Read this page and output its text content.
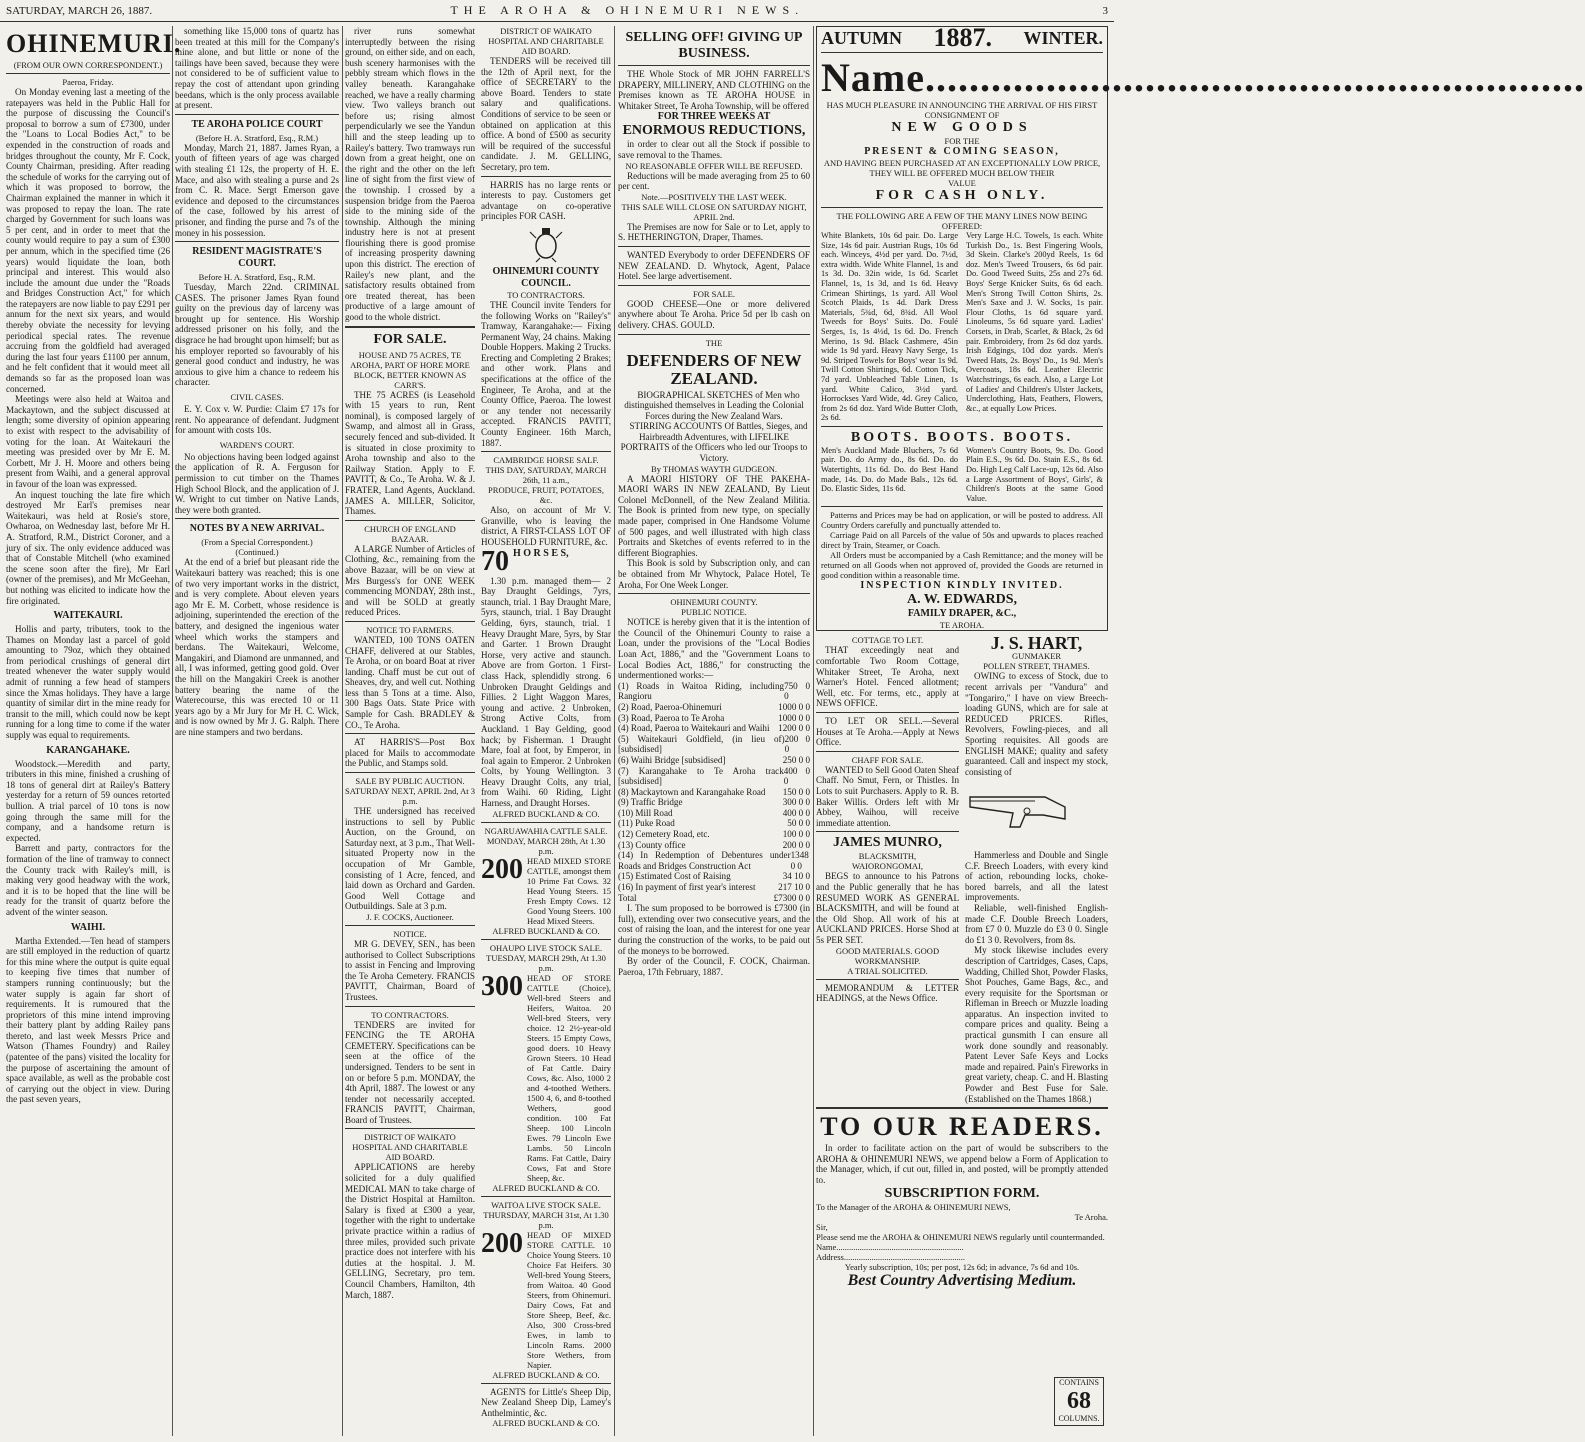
SATURDAY, MARCH 26, 1887.	THE AROHA & OHINEMURI NEWS.	3
OHINEMURI.
(FROM OUR OWN CORRESPONDENT.)
Paeroa, Friday.

On Monday evening last a meeting of the ratepayers was held in the Public Hall for the purpose of discussing the Council's proposal to borrow a sum of £7300, under the "Loans to Local Bodies Act," to be expended in the construction of roads and bridges throughout the county, Mr F. Cock, County Chairman, presiding. After reading the schedule of works for the carrying out of which it was proposed to borrow, the Chairman explained the manner in which it was proposed to repay the loan. The rate charged by Government for such loans was 5 per cent, and in order to meet that the county would require to pay a sum of £300 per annum, which in the specified time (26 years) would liquidate the loan, both principal and interest. This would also include the amount due under the "Roads and Bridges Construction Act," for which the ratepayers are now liable to pay £291 per annum for the next six years, and would thereby obviate the necessity for levying periodical special rates. The revenue accruing from the goldfield had averaged during the last four years £1100 per annum, and he felt confident that it would meet all demands so far as the proposed loan was concerned.

Meetings were also held at Waitoa and Mackaytown, and the subject discussed at length; some diversity of opinion appearing to exist with respect to the advisability of voting for the loan. At Waitekauri the meeting was presided over by Mr E. M. Corbett, Mr J. H. Moore and others being present from Waihi, and a general approval in favour of the loan was expressed.

An inquest touching the late fire which destroyed Mr Earl's premises near Waitekauri, was held at Rosie's store, Owharoa, on Wednesday last, before Mr H. A. Stratford, R.M., District Coroner, and a jury of six. The only evidence adduced was that of Constable Mitchell (who examined the scene soon after the fire), Mr Earl (owner of the premises), and Mr McGeehan, but nothing was elicited to indicate how the fire originated.

WAITEKAURI.

Hollis and party, tributers, took to the Thames on Monday last a parcel of gold amounting to 79oz, which they obtained from periodical crushings of general dirt treated whenever the water supply would admit of running a few head of stampers since the Xmas holidays. They have a large quantity of similar dirt in the mine ready for transit to the mill, which could now be kept running for a long time to come if the water supply was equal to requirements.

KARANGAHAKE.

Woodstock.—Meredith and party, tributers in this mine, finished a crushing of 18 tons of general dirt at Railey's Battery yesterday for a return of 59 ounces retorted bullion. A trial parcel of 10 tons is now going through the same mill for the company, and a handsome return is expected.

Barrett and party, contractors for the formation of the line of tramway to connect the County track with Railey's mill, is making very good headway with the work, and it is to be hoped that the line will be ready for the transit of quartz before the advent of the winter season.

WAIHI.

Martha Extended.—Ten head of stampers are still employed in the reduction of quartz for this mine where the output is quite equal to keeping five times that number of stampers running continuously; but the water supply is again far short of requirements. It is rumoured that the proprietors of this mine intend improving their battery plant by adding Railey pans thereto, and last week Messrs Price and Watson (Thames Foundry) and Railey (patentee of the pans) visited the locality for the purpose of ascertaining the amount of space available, as well as the probable cost of carrying out the object in view. During the past seven years,

something like 15,000 tons of quartz has been treated at this mill for the Company's mine alone, and but little or none of the tailings have been saved, because they were not considered to be of sufficient value to repay the cost of attendant upon grinding beedans, which is the only process available at present.

TE AROHA POLICE COURT
(Before H. A. Stratford, Esq., R.M.)

Monday, March 21, 1887. James Ryan, a youth of fifteen years of age was charged with stealing £1 12s, the property of H. E. Mace, and also with stealing a purse and 2s from C. R. Mace. Sergt Emerson gave evidence and deposed to the circumstances of the case, followed by his arrest of prisoner, and finding the purse and 7s of the money in his possession.

RESIDENT MAGISTRATE'S COURT.
Before H. A. Stratford, Esq., R.M.

Tuesday, March 22nd. CRIMINAL CASES. The prisoner James Ryan found guilty on the previous day of larceny was brought up for sentence. His Worship addressed prisoner on his folly, and the disgrace he had brought upon himself; but as his employer reported so favourably of his general good conduct and industry, he was anxious to give him a chance to redeem his character.

CIVIL CASES.

E. Y. Cox v. W. Purdie: Claim £7 17s for rent. No appearance of defendant. Judgment for amount with costs 10s.

WARDEN'S COURT.

No objections having been lodged against the application of R. A. Ferguson for permission to cut timber on the Thames High School Block, and the application of J. W. Wright to cut timber on Native Lands, they were both granted.

NOTES BY A NEW ARRIVAL.
(From a Special Correspondent.)
(Continued.)

At the end of a brief but pleasant ride the Waitekauri battery was reached; this is one of two very important works in the district, and is very complete. About eleven years ago Mr E. M. Corbett, whose residence is adjoining, superintended the erection of the battery, and designed the ingenious water wheel which works the stampers and berdans. The Waitekauri, Welcome, Mangakiri, and Diamond are unmanned, and all, I was informed, getting good gold. Over the hill on the Mangakiri Creek is another battery bearing the name of the Waterecourse, this was erected 10 or 11 years ago by a Mr Jury for Mr H. C. Wick, and is now owned by Mr J. G. Ralph. There are nine stampers and two berdans.

river runs somewhat interruptedly between the rising ground, on either side, and on each, bush scenery harmonises with the pebbly stream which flows in the valley beneath. Karangahake reached, we have a really charming view. Two valleys branch out before us; rising almost perpendicularly we see the Yandun hill and the steep leading up to Railey's battery. Two tramways run down from a great height, one on the right and the other on the left line of sight from the first view of the township. I crossed by a suspension bridge from the Paeroa side to the mining side of the township. Although the mining industry here is not at present flourishing there is good promise of increasing prosperity dawning upon this district. The erection of Railey's new plant, and the satisfactory results obtained from ore treated thereat, has been productive of a large amount of good to the whole district.

FOR SALE.
HOUSE AND 75 ACRES, TE AROHA, PART OF HORE MORE BLOCK, BETTER KNOWN AS CARR'S.

THE 75 ACRES (is Leasehold with 15 years to run, Rent nominal), is composed largely of Swamp, and almost all in Grass, securely fenced and sub-divided. It is situated in close proximity to Aroha township and also to the Railway Station. Apply to F. PAVITT, & Co., Te Aroha. W. & J. FRATER, Land Agents, Auckland. JAMES A. MILLER, Solicitor, Thames.

CHURCH OF ENGLAND BAZAAR.

A LARGE Number of Articles of Clothing, &c., remaining from the above Bazaar, will be on view at Mrs Burgess's for ONE WEEK commencing MONDAY, 28th inst., and will be SOLD at greatly reduced Prices.

NOTICE TO FARMERS.

WANTED, 100 TONS OATEN CHAFF, delivered at our Stables, Te Aroha, or on board Boat at river landing. Chaff must be cut out of Sheaves, dry, and well cut. Nothing less than 5 Tons at a time. Also, 300 Bags Oats. State Price with Sample for Cash. BRADLEY & CO., Te Aroha.

AT HARRIS'S—Post Box placed for Mails to accommodate the Public, and Stamps sold.

SALE BY PUBLIC AUCTION.
SATURDAY NEXT, APRIL 2nd, At 3 p.m.

THE undersigned has received instructions to sell by Public Auction, on the Ground, on Saturday next, at 3 p.m., That Well-situated Property now in the occupation of Mr Gamble, consisting of 1 Acre, fenced, and laid down as Orchard and Garden. Good Well Cottage and Outbuildings. Sale at 3 p.m.

J. F. COCKS, Auctioneer.
NOTICE.

MR G. DEVEY, SEN., has been authorised to Collect Subscriptions to assist in Fencing and Improving the Te Aroha Cemetery. FRANCIS PAVITT, Chairman, Board of Trustees.

TO CONTRACTORS.

TENDERS are invited for FENCING the TE AROHA CEMETERY. Specifications can be seen at the office of the undersigned. Tenders to be sent in on or before 5 p.m. MONDAY, the 4th April, 1887. The lowest or any tender not necessarily accepted. FRANCIS PAVITT, Chairman, Board of Trustees.

DISTRICT OF WAIKATO HOSPITAL AND CHARITABLE AID BOARD.

APPLICATIONS are hereby solicited for a duly qualified MEDICAL MAN to take charge of the District Hospital at Hamilton. Salary is fixed at £300 a year, together with the right to undertake private practice within a radius of three miles, provided such private practice does not interfere with his duties at the hospital. J. M. GELLING, Secretary, pro tem. Council Chambers, Hamilton, 4th March, 1887.

DISTRICT OF WAIKATO HOSPITAL AND CHARITABLE AID BOARD.

TENDERS will be received till the 12th of April next, for the office of SECRETARY to the above Board. Tenders to state salary and qualifications. Conditions of service to be seen or obtained on application at this office. A bond of £500 as security will be required of the successful candidate. J. M. GELLING, Secretary, pro tem.

HARRIS has no large rents or interests to pay. Customers get advantage on co-operative principles FOR CASH.

OHINEMURI COUNTY COUNCIL.
TO CONTRACTORS.

THE Council invite Tenders for the following Works on "Railey's" Tramway, Karangahake:— Fixing Permanent Way, 24 chains. Making Double Hoppers. Making 2 Trucks. Erecting and Completing 2 Brakes; and other work. Plans and specifications at the office of the Engineer, Te Aroha, and at the County Office, Paeroa. The lowest or any tender not necessarily accepted. FRANCIS PAVITT, County Engineer. 16th March, 1887.

CAMBRIDGE HORSE SALF.
THIS DAY, SATURDAY, MARCH 26th, 11 a.m.,
PRODUCE, FRUIT, POTATOES, &c.

Also, on account of Mr V. Granville, who is leaving the district, A FIRST-CLASS LOT OF HOUSEHOLD FURNITURE, &c.

70 H O R S E S,

1.30 p.m. managed them— 2 Bay Draught Geldings, 7yrs, staunch, trial. 1 Bay Draught Mare, 5yrs, staunch, trial. 1 Bay Draught Gelding, 6yrs, staunch, trial. 1 Heavy Draught Mare, 5yrs, by Star and Garter. 1 Brown Draught Horse, very active and staunch. Above are from Gorton. 1 First-class Hack, splendidly strong. 6 Unbroken Draught Geldings and Fillies. 2 Light Waggon Mares, young and active. 2 Unbroken, Strong Active Colts, from Auckland. 1 Bay Gelding, good hack; by Fisherman. 1 Draught Mare, foal at foot, by Emperor, in foal again to Emperor. 2 Unbroken Colts, by Young Wellington. 3 Heavy Draught Colts, any trial, from Waihi. 60 Riding, Light Harness, and Draught Horses.

ALFRED BUCKLAND & CO.
NGARUAWAHIA CATTLE SALE.
MONDAY, MARCH 28th, At 1.30 p.m.
200 HEAD MIXED STORE CATTLE, amongst them 10 Prime Fat Cows. 32 Head Young Steers. 15 Fresh Empty Cows. 12 Good Young Steers. 100 Head Mixed Steers.
ALFRED BUCKLAND & CO.
OHAUPO LIVE STOCK SALE.
TUESDAY, MARCH 29th, At 1.30 p.m.
300 HEAD OF STORE CATTLE (Choice), Well-bred Steers and Heifers, Waitoa. 20 Well-bred Steers, very choice. 12 2½-year-old Steers. 15 Empty Cows, good doers. 10 Heavy Grown Steers. 10 Head of Fat Cattle. Dairy Cows, &c. Also, 1000 2 and 4-toothed Wethers. 1500 4, 6, and 8-toothed Wethers, good condition. 100 Fat Sheep. 100 Lincoln Ewes. 79 Lincoln Ewe Lambs. 50 Lincoln Rams. Fat Cattle, Dairy Cows, Fat and Store Sheep, &c.
ALFRED BUCKLAND & CO.
WAITOA LIVE STOCK SALE.
THURSDAY, MARCH 31st, At 1.30 p.m.
200 HEAD OF MIXED STORE CATTLE. 10 Choice Young Steers. 10 Choice Fat Heifers. 30 Well-bred Young Steers, from Waitoa. 40 Good Steers, from Ohinemuri. Dairy Cows, Fat and Store Sheep, Beef, &c. Also, 300 Cross-bred Ewes, in lamb to Lincoln Rams. 2000 Store Wethers, from Napier.
ALFRED BUCKLAND & CO.

AGENTS for Little's Sheep Dip, New Zealand Sheep Dip, Lamey's Anthelmintic, &c.

ALFRED BUCKLAND & CO.
SELLING OFF! GIVING UP BUSINESS.

THE Whole Stock of MR JOHN FARRELL'S DRAPERY, MILLINERY, AND CLOTHING on the Premises known as TE AROHA HOUSE in Whitaker Street, Te Aroha Township, will be offered

FOR THREE WEEKS AT
ENORMOUS REDUCTIONS,

in order to clear out all the Stock if possible to save removal to the Thames.

NO REASONABLE OFFER WILL BE REFUSED.

Reductions will be made averaging from 25 to 60 per cent.

Note.—POSITIVELY THE LAST WEEK.
THIS SALE WILL CLOSE ON SATURDAY NIGHT, APRIL 2nd.

The Premises are now for Sale or to Let, apply to S. HETHERINGTON, Draper, Thames.

WANTED Everybody to order DEFENDERS OF NEW ZEALAND. D. Whytock, Agent, Palace Hotel. See large advertisement.

FOR SALE.

GOOD CHEESE—One or more delivered anywhere about Te Aroha. Price 5d per lb cash on delivery. CHAS. GOULD.

THE
DEFENDERS OF NEW ZEALAND.

BIOGRAPHICAL SKETCHES of Men who distinguished themselves in Leading the Colonial Forces during the New Zealand Wars.

STIRRING ACCOUNTS Of Battles, Sieges, and Hairbreadth Adventures, with LIFELIKE PORTRAITS of the Officers who led our Troops to Victory.

By THOMAS WAYTH GUDGEON.

A MAORI HISTORY OF THE PAKEHA-MAORI WARS IN NEW ZEALAND, By Lieut Colonel McDonnell, of the New Zealand Militia. The Book is printed from new type, on specially made paper, comprised in One Handsome Volume of 500 pages, and well illustrated with high class Portraits and Sketches of events referred to in the different Biographies.

This Book is sold by Subscription only, and can be obtained from Mr Whytock, Palace Hotel, Te Aroha, For One Week Longer.

OHINEMURI COUNTY.
PUBLIC NOTICE.

NOTICE is hereby given that it is the intention of the Council of the Ohinemuri County to raise a Loan, under the provisions of the "Local Bodies Loan Act, 1886," and the "Government Loans to Local Bodies Act, 1886," for constructing the undermentioned works:—

(1) Roads in Waitoa Riding, including Rangioru
750 0 0
(2) Road, Paeroa-Ohinemuri	1000 0 0
(3) Road, Paeroa to Te Aroha	1000 0 0
(4) Road, Paeroa to Waitekauri and Waihi 1200 0 0
(5) Waitekauri Goldfield, (in lieu of) [subsidised]
200 0 0
(6) Waihi Bridge [subsidised]	250 0 0
(7) Karangahake to Te Aroha track [subsidised]
400 0 0
(8) Mackaytown and Karangahake Road 150 0 0
(9) Traffic Bridge	300 0 0
(10) Mill Road	400 0 0
(11) Puke Road	50 0 0
(12) Cemetery Road, etc.	100 0 0
(13) County office	200 0 0
(14) In Redemption of Debentures under Roads and Bridges Construction Act
1348 0 0
(15) Estimated Cost of Raising	34 10 0
(16) In payment of first year's interest 217 10 0
Total	£7300 0 0

I. The sum proposed to be borrowed is £7300 (in full), extending over two consecutive years, and the cost of raising the loan, and the interest for one year during the construction of the works, to be paid out of the moneys to be borrowed.

By order of the Council, F. COCK, Chairman. Paeroa, 17th February, 1887.

AUTUMN 1887. WINTER.
Name............................................................
HAS MUCH PLEASURE IN ANNOUNCING THE ARRIVAL OF HIS FIRST
CONSIGNMENT OF
NEW GOODS
FOR THE
PRESENT & COMING SEASON,
AND HAVING BEEN PURCHASED AT AN EXCEPTIONALLY LOW PRICE, THEY WILL BE OFFERED MUCH BELOW THEIR
VALUE
FOR CASH ONLY.
THE FOLLOWING ARE A FEW OF THE MANY LINES NOW BEING OFFERED:
White Blankets, 10s 6d pair. Do. Large Size, 14s 6d pair. Austrian Rugs, 10s 6d each. Winceys, 4½d per yard. Do. 7½d, extra width. Wide White Flannel, 1s and 1s 3d. Do. 32in wide, 1s 6d. Scarlet Flannel, 1s, 1s 3d, and 1s 6d. Heavy Crimean Shirtings, 1s yard. All Wool Scotch Plaids, 1s 4d. Dark Dress Materials, 5¾d, 6d, 8¾d. All Wool Tweeds for Boys' Suits. Do. Foulé Serges, 1s, 1s 4½d, 1s 6d. Do. French Merino, 1s 9d. Black Cashmere, 45in wide 1s 9d yard. Heavy Navy Serge, 1s 9d. Striped Towels for Boys' wear 1s 9d. Twill Cotton Shirtings, 6d. Cotton Tick, 7d yard. Unbleached Table Linen, 1s yard. White Calico, 3½d yard. Horrockses Yard Wide, 4d. Grey Calico, from 2s 6d doz. Yard Wide Butter Cloth, 2s 6d.
Very Large H.C. Towels, 1s each. White Turkish Do., 1s. Best Fingering Wools, 3d Skein. Clarke's 200yd Reels, 1s 6d doz. Men's Tweed Trousers, 6s 6d pair. Do. Good Tweed Suits, 25s and 27s 6d. Boys' Serge Knicker Suits, 6s 6d each. Men's Strong Twill Cotton Shirts, 2s. Men's Saxe and J. W. Socks, 1s pair. Flour Cloths, 1s 6d square yard. Linoleums, 5s 6d square yard. Ladies' Corsets, in Drab, Scarlet, & Black, 2s 6d pair. Embroidery, from 2s 6d doz yards. Irish Edgings, 10d doz yards. Men's Tweed Hats, 2s. Boys' Do., 1s 9d. Men's Overcoats, 18s 6d. Leather Electric Watchstrings, 6s each. Also, a Large Lot of Ladies' and Children's Ulster Jackets, Underclothing, Hats, Feathers, Flowers, &c., at equally Low Prices.
BOOTS. BOOTS. BOOTS.
Men's Auckland Made Bluchers, 7s 6d pair. Do. do Army do., 8s 6d. Do. do Watertights, 11s 6d. Do. do Best Hand made, 14s. Do. do Made Bals., 12s 6d. Do. Elastic Sides, 11s 6d.
Women's Country Boots, 9s. Do. Good Plain E.S., 9s 6d. Do. Stain E.S., 8s 6d. Do. High Leg Calf Lace-up, 12s 6d. Also a Large Assortment of Boys', Girls', & Children's Boots at the same Good Value.

Patterns and Prices may be had on application, or will be posted to address. All Country Orders carefully and punctually attended to.

Carriage Paid on all Parcels of the value of 50s and upwards to places reached direct by Train, Steamer, or Coach.

All Orders must be accompanied by a Cash Remittance; and the money will be returned on all Goods when not approved of, provided the Goods are returned in good condition within a reasonable time.

INSPECTION KINDLY INVITED.
A. W. EDWARDS,
FAMILY DRAPER, &C.,
TE AROHA.
COTTAGE TO LET.

THAT exceedingly neat and comfortable Two Room Cottage, Whitaker Street, Te Aroha, next Warner's Hotel. Fenced allotment; Well, etc. For terms, etc., apply at NEWS OFFICE.

TO LET OR SELL.—Several Houses at Te Aroha.—Apply at News Office.

CHAFF FOR SALE.

WANTED to Sell Good Oaten Sheaf Chaff. No Smut, Fern, or Thistles. In Lots to suit Purchasers. Apply to R. B. Baker Willis. Orders left with Mr Abbey, Waihou, will receive immediate attention.

JAMES MUNRO,
BLACKSMITH,
WAIORONGOMAI,

BEGS to announce to his Patrons and the Public generally that he has RESUMED WORK AS GENERAL BLACKSMITH, and will be found at the Old Shop. All work of his at AUCKLAND PRICES. Horse Shod at 5s PER SET.

GOOD MATERIALS. GOOD WORKMANSHIP.
A TRIAL SOLICITED.

MEMORANDUM & LETTER HEADINGS, at the News Office.

J. S. HART,
GUNMAKER
POLLEN STREET, THAMES.

OWING to excess of Stock, due to recent arrivals per "Vandura" and "Tongariro," I have on view Breech-loading GUNS, which are for sale at REDUCED PRICES. Rifles, Revolvers, Fowling-pieces, and all Sporting requisites. All goods are ENGLISH MAKE; quality and safety guaranteed. Call and inspect my stock, consisting of

Hammerless and Double and Single C.F. Breech Loaders, with every kind of action, rebounding locks, choke-bored barrels, and all the latest improvements.

Reliable, well-finished English-made C.F. Double Breech Loaders, from £7 0 0. Muzzle do £3 0 0. Single do £1 3 0. Revolvers, from 8s.

My stock likewise includes every description of Cartridges, Cases, Caps, Wadding, Chilled Shot, Powder Flasks, Shot Pouches, Game Bags, &c., and every requisite for the Sportsman or Rifleman in Breech or Muzzle loading apparatus. An inspection invited to compare prices and quality. Being a practical gunsmith I can ensure all work done soundly and reasonably. Patent Lever Safe Keys and Locks made and repaired. Pain's Fireworks in great variety, cheap. C. and H. Blasting Powder and Best Fuse for Sale. (Established on the Thames 1868.)

TO OUR READERS.

In order to facilitate action on the part of would be subscribers to the AROHA & OHINEMURI NEWS, we append below a Form of Application to the Manager, which, if cut out, filled in, and posted, will be promptly attended to.

SUBSCRIPTION FORM.
To the Manager of the AROHA & OHINEMURI NEWS,
Te Aroha.
Sir,
Please send me the AROHA & OHINEMURI NEWS regularly until countermanded.
Name............................................................
Address.........................................................
Yearly subscription, 10s; per post, 12s 6d; in advance, 7s 6d and 10s.
Best Country Advertising Medium.
CONTAINS
68
COLUMNS.
